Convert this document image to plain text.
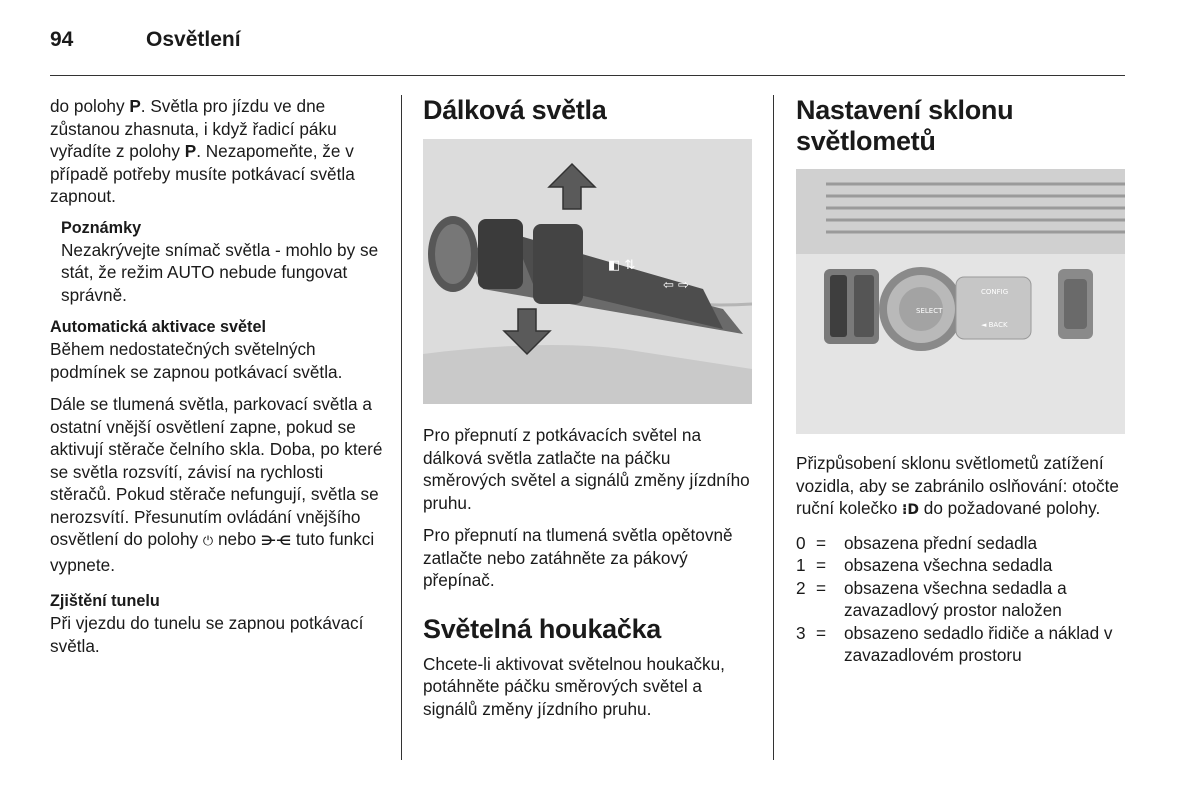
94	Osvětlení

do polohy P. Světla pro jízdu ve dne zůstanou zhasnuta, i když řadicí páku vyřadíte z polohy P. Nezapomeňte, že v případě potřeby musíte potkávací světla zapnout.

Poznámky

Nezakrývejte snímač světla - mohlo by se stát, že režim AUTO nebude fungovat správně.

Automatická aktivace světel

Během nedostatečných světelných podmínek se zapnou potkávací světla.

Dále se tlumená světla, parkovací světla a ostatní vnější osvětlení zapne, pokud se aktivují stěrače čelního skla. Doba, po které se světla rozsvítí, závisí na rychlosti stěračů. Pokud stěrače nefungují, světla se nerozsvítí. Přesunutím ovládání vnějšího osvětlení do polohy ⏻ nebo ⋺⋲ tuto funkci vypnete.

Zjištění tunelu

Při vjezdu do tunelu se zapnou potkávací světla.

Dálková světla
◧ ⇅
⇦ ⇨

Pro přepnutí z potkávacích světel na dálková světla zatlačte na páčku směrových světel a signálů změny jízdního pruhu.

Pro přepnutí na tlumená světla opětovně zatlačte nebo zatáhněte za pákový přepínač.

Světelná houkačka

Chcete-li aktivovat světelnou houkačku, potáhněte páčku směrových světel a signálů změny jízdního pruhu.

Nastavení sklonu světlometů
SELECT
CONFIG
◄ BACK

Přizpůsobení sklonu světlometů zatížení vozidla, aby se zabránilo oslňování: otočte ruční kolečko ⁝D do požadované polohy.

0 =	obsazena přední sedadla
1 =	obsazena všechna sedadla
2 =	obsazena všechna sedadla a zavazadlový prostor naložen
3 =	obsazeno sedadlo řidiče a náklad v zavazadlovém prostoru
